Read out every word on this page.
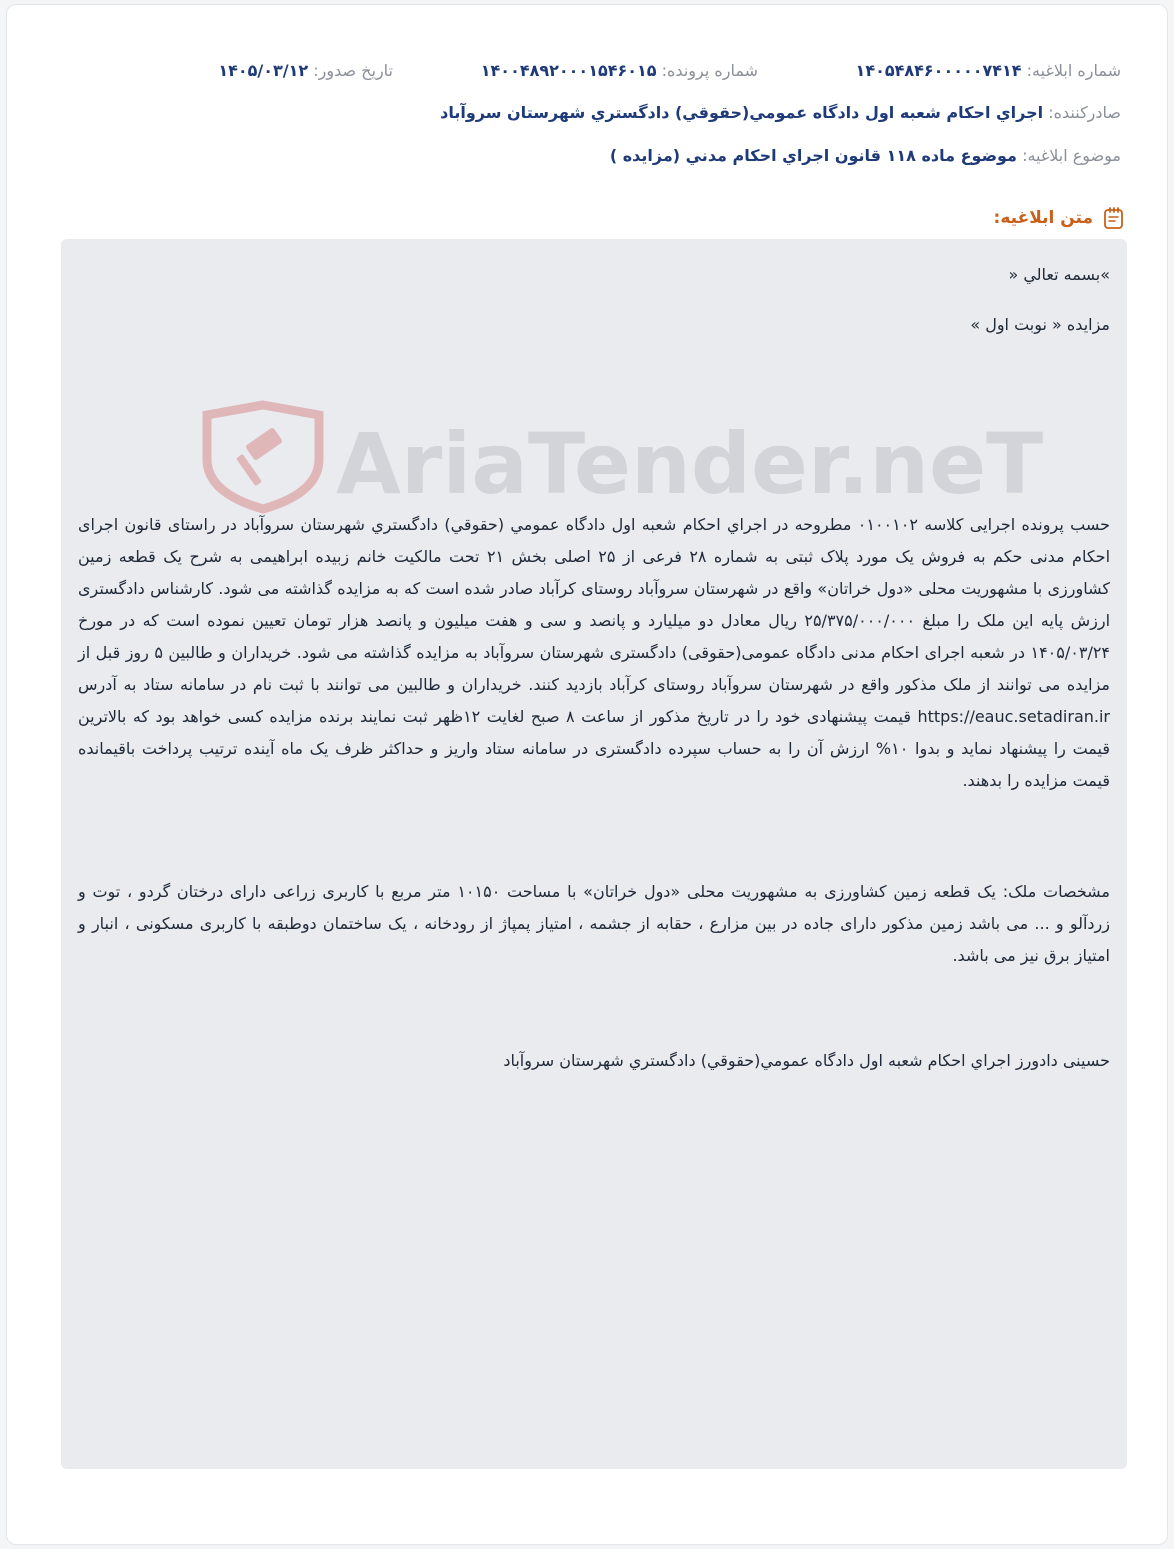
شماره ابلاغیه: ۱۴۰۵۴۸۴۶۰۰۰۰۰۷۴۱۴
شماره پرونده: ۱۴۰۰۴۸۹۲۰۰۰۱۵۴۶۰۱۵
تاریخ صدور: ۱۴۰۵/۰۳/۱۲
صادرکننده: اجراي احکام شعبه اول دادگاه عمومي(حقوقي) دادگستري شهرستان سروآباد
موضوع ابلاغیه: موضوع ماده ۱۱۸ قانون اجراي احکام مدني (مزايده )
متن ابلاغیه:
AriaTender.neT
»بسمه تعالي «
مزايده « نوبت اول »
حسب پرونده اجرایی کلاسه ۰۱۰۰۱۰۲ مطروحه در اجراي احکام شعبه اول دادگاه عمومي (حقوقي) دادگستري شهرستان سروآباد در راستای قانون اجرای احکام مدنی حکم به فروش یک مورد پلاک ثبتی به شماره ۲۸ فرعی از ۲۵ اصلی بخش ۲۱ تحت مالکیت خانم زبیده ابراهیمی به شرح یک قطعه زمین کشاورزی با مشهوریت محلی «دول خراتان» واقع در شهرستان سروآباد روستای کرآباد صادر شده است که به مزایده گذاشته می شود. کارشناس دادگستری ارزش پایه این ملک را مبلغ ۲۵/۳۷۵/۰۰۰/۰۰۰ ریال معادل دو میلیارد و پانصد و سی و هفت میلیون و پانصد هزار تومان تعیین نموده است که در مورخ ۱۴۰۵/۰۳/۲۴ در شعبه اجرای احکام مدنی دادگاه عمومی(حقوقی) دادگستری شهرستان سروآباد به مزایده گذاشته می شود. خریداران و طالبین ۵ روز قبل از مزایده می توانند از ملک مذکور واقع در شهرستان سروآباد روستای کرآباد بازدید کنند. خریداران و طالبین می توانند با ثبت نام در سامانه ستاد به آدرس https://eauc.setadiran.ir قیمت پیشنهادی خود را در تاریخ مذکور از ساعت ۸ صبح لغایت ۱۲ظهر ثبت نمایند برنده مزایده کسی خواهد بود که بالاترین قیمت را پیشنهاد نماید و بدوا ۱۰% ارزش آن را به حساب سپرده دادگستری در سامانه ستاد واریز و حداکثر ظرف یک ماه آینده ترتیب پرداخت باقیمانده قیمت مزایده را بدهند.
مشخصات ملک: یک قطعه زمین کشاورزی به مشهوریت محلی «دول خراتان» با مساحت ۱۰۱۵۰ متر مربع با کاربری زراعی دارای درختان گردو ، توت و زردآلو و ... می باشد زمین مذکور دارای جاده در بین مزارع ، حقابه از جشمه ، امتیاز پمپاژ از رودخانه ، یک ساختمان دوطبقه با کاربری مسکونی ، انبار و امتیاز برق نیز می باشد.
حسینی دادورز اجراي احکام شعبه اول دادگاه عمومي(حقوقي) دادگستري شهرستان سروآباد
